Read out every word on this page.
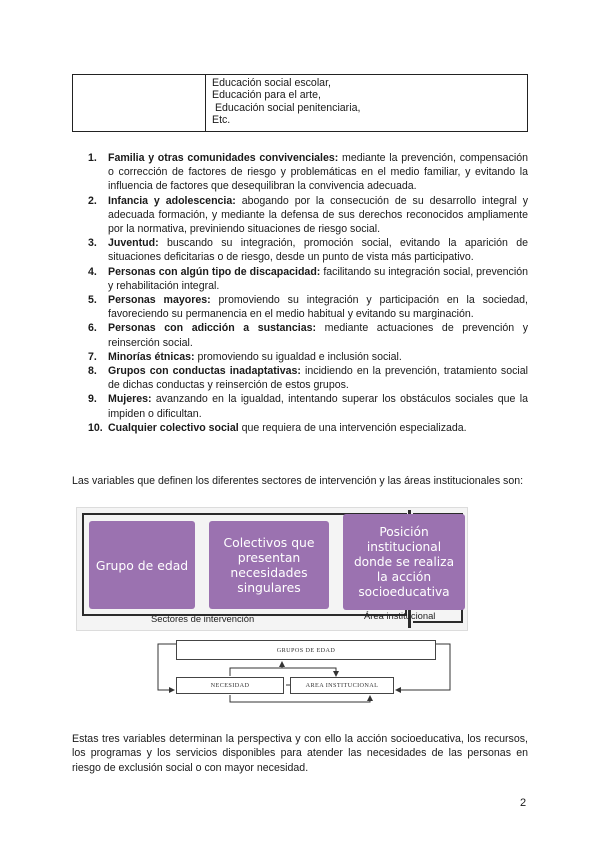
Educación social escolar,
Educación para el arte,
Educación social penitenciaria,
Etc.
1. Familia y otras comunidades convivenciales: mediante la prevención, compensación o corrección de factores de riesgo y problemáticas en el medio familiar, y evitando la influencia de factores que desequilibran la convivencia adecuada.
2. Infancia y adolescencia: abogando por la consecución de su desarrollo integral y adecuada formación, y mediante la defensa de sus derechos reconocidos ampliamente por la normativa, previniendo situaciones de riesgo social.
3. Juventud: buscando su integración, promoción social, evitando la aparición de situaciones deficitarias o de riesgo, desde un punto de vista más participativo.
4. Personas con algún tipo de discapacidad: facilitando su integración social, prevención y rehabilitación integral.
5. Personas mayores: promoviendo su integración y participación en la sociedad, favoreciendo su permanencia en el medio habitual y evitando su marginación.
6. Personas con adicción a sustancias: mediante actuaciones de prevención y reinserción social.
7. Minorías étnicas: promoviendo su igualdad e inclusión social.
8. Grupos con conductas inadaptativas: incidiendo en la prevención, tratamiento social de dichas conductas y reinserción de estos grupos.
9. Mujeres: avanzando en la igualdad, intentando superar los obstáculos sociales que la impiden o dificultan.
10. Cualquier colectivo social que requiera de una intervención especializada.

Las variables que definen los diferentes sectores de intervención y las áreas institucionales son:

Grupo de edad
Colectivos que presentan necesidades singulares
Posición institucional donde se realiza la acción socioeducativa
Sectores de intervención	Área institucional
GRUPOS DE EDAD
NECESIDAD	AREA INSTITUCIONAL

Estas tres variables determinan la perspectiva y con ello la acción socioeducativa, los recursos, los programas y los servicios disponibles para atender las necesidades de las personas en riesgo de exclusión social o con mayor necesidad.

2
